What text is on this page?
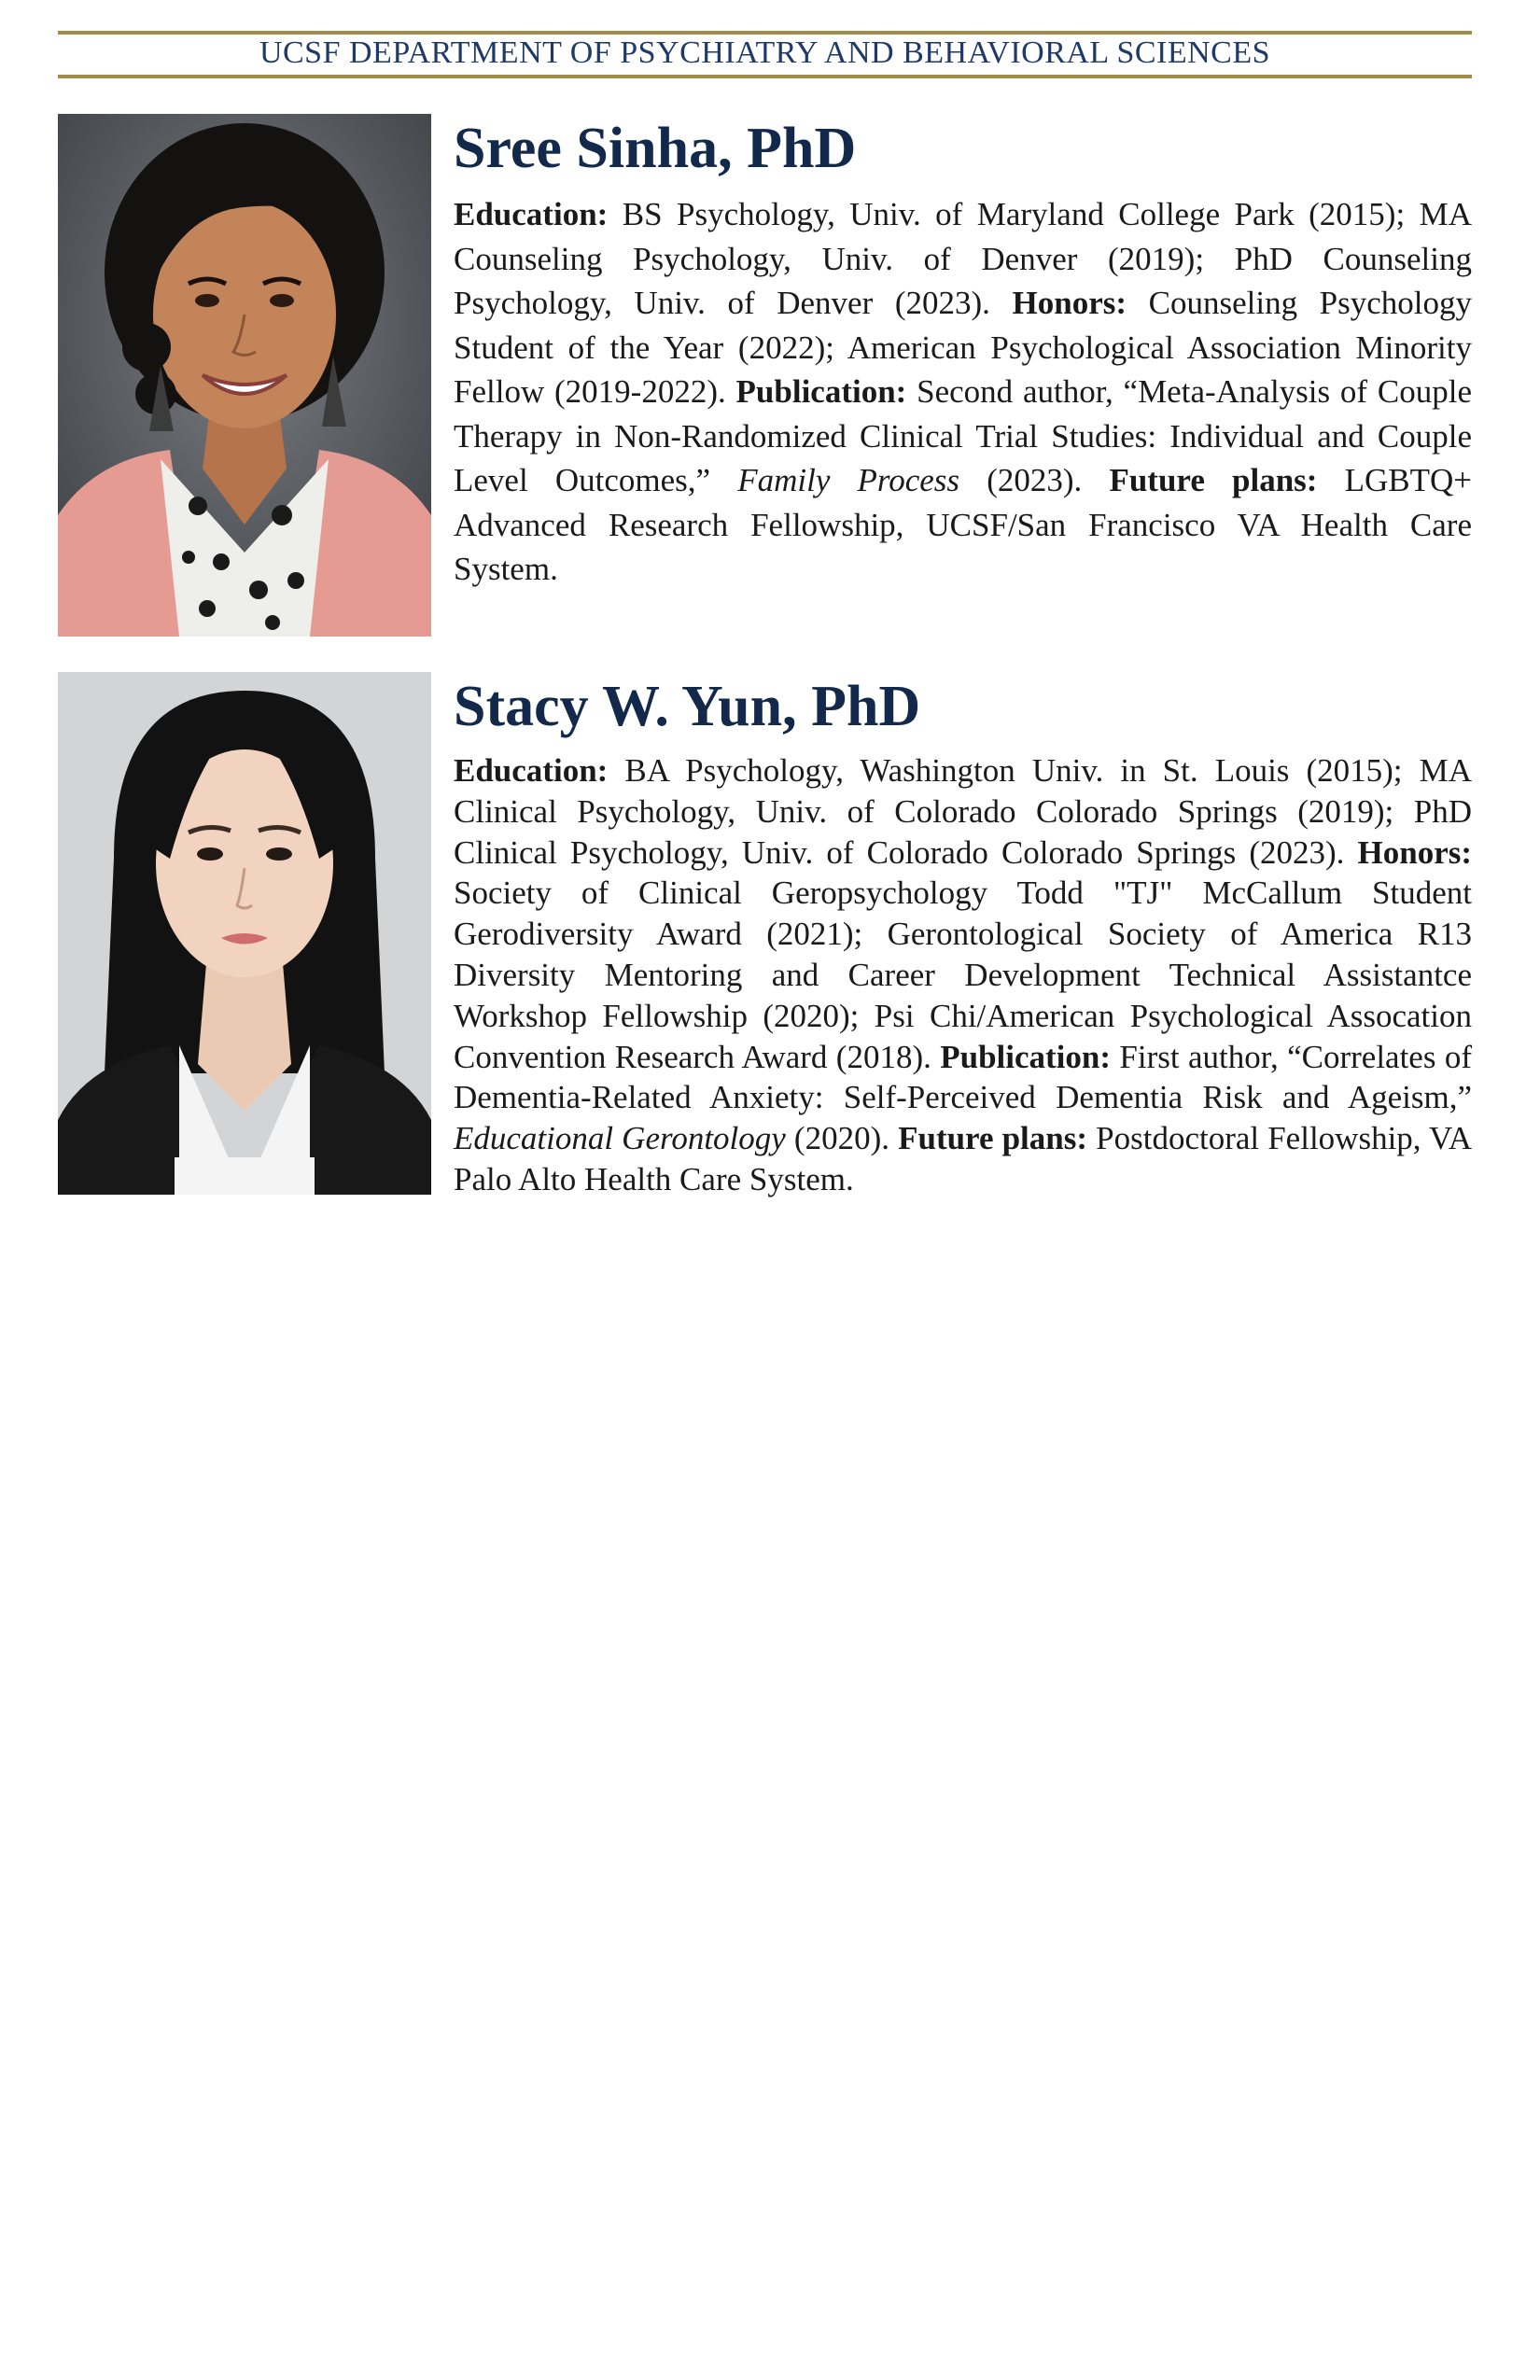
UCSF DEPARTMENT OF PSYCHIATRY AND BEHAVIORAL SCIENCES
Sree Sinha, PhD

Education: BS Psychology, Univ. of Maryland College Park (2015); MA Counseling Psychology, Univ. of Denver (2019); PhD Counseling Psychology, Univ. of Denver (2023). Honors: Counseling Psychology Student of the Year (2022); American Psychological Association Minority Fellow (2019-2022). Publication: Second author, “Meta-Analysis of Couple Therapy in Non-Randomized Clinical Trial Studies: Individual and Couple Level Outcomes,” Family Process (2023). Future plans: LGBTQ+ Advanced Research Fellowship, UCSF/San Francisco VA Health Care System.

Stacy W. Yun, PhD

Education: BA Psychology, Washington Univ. in St. Louis (2015); MA Clinical Psychology, Univ. of Colorado Colorado Springs (2019); PhD Clinical Psychology, Univ. of Colorado Colorado Springs (2023). Honors: Society of Clinical Geropsychology Todd "TJ" McCallum Student Gerodiversity Award (2021); Gerontological Society of America R13 Diversity Mentoring and Career Development Technical Assistantce Workshop Fellowship (2020); Psi Chi/American Psychological Assocation Convention Research Award (2018). Publication: First author, “Correlates of Dementia-Related Anxiety: Self-Perceived Dementia Risk and Ageism,” Educational Gerontology (2020). Future plans: Postdoctoral Fellowship, VA Palo Alto Health Care System.
